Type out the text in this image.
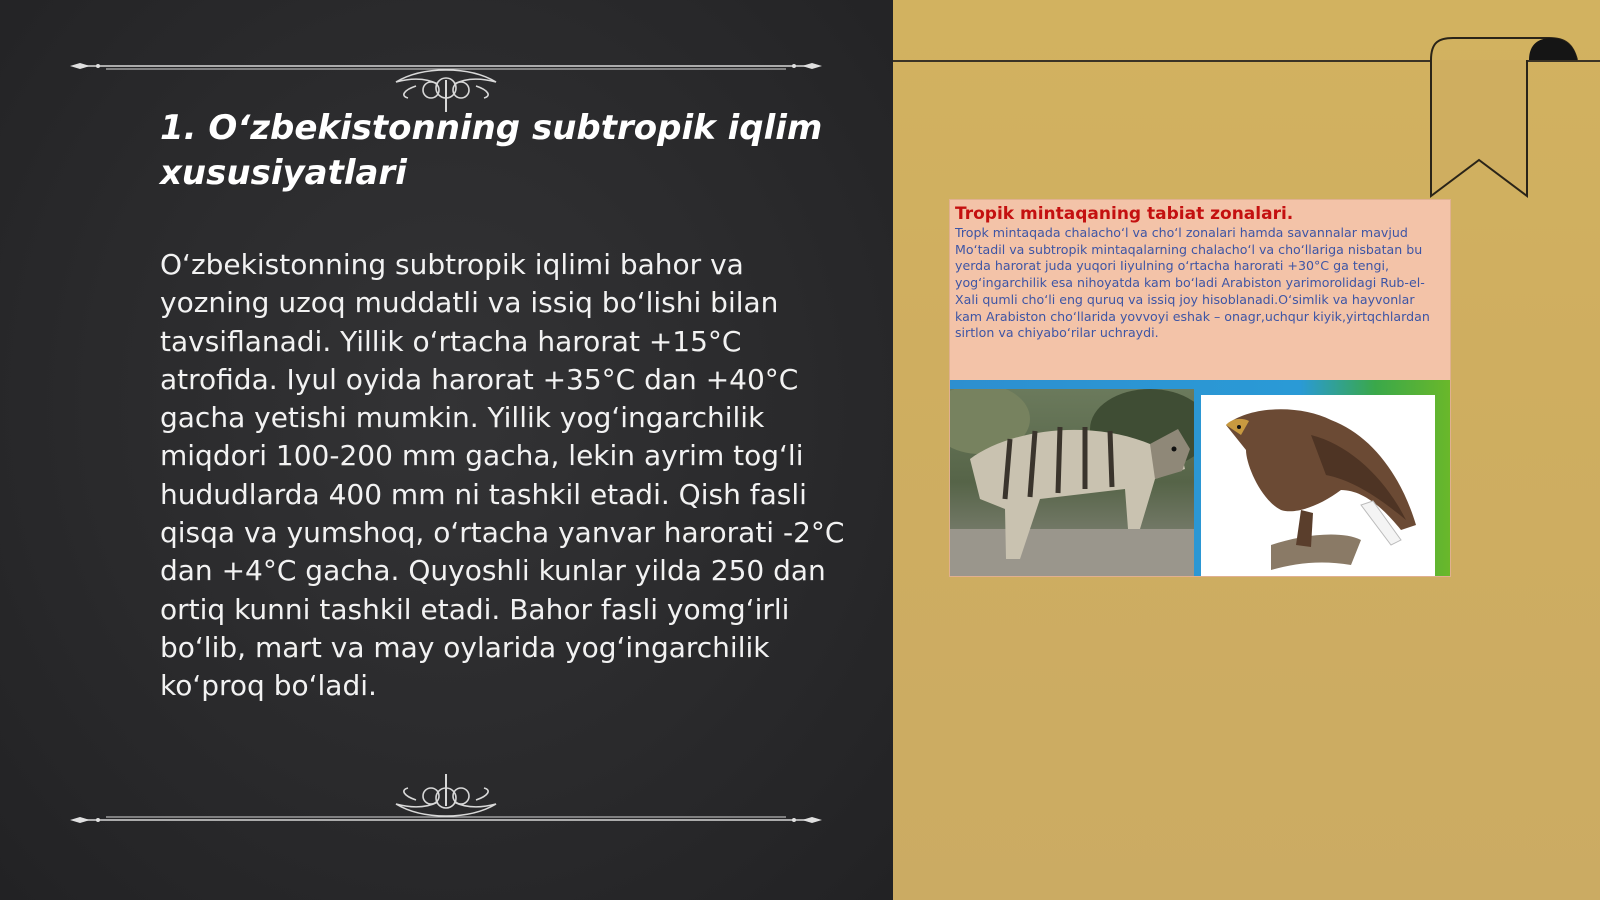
1. O‘zbekistonning subtropik iqlim xususiyatlari
O‘zbekistonning subtropik iqlimi bahor va yozning uzoq muddatli va issiq bo‘lishi bilan tavsiflanadi. Yillik o‘rtacha harorat +15°C atrofida. Iyul oyida harorat +35°C dan +40°C gacha yetishi mumkin. Yillik yog‘ingarchilik miqdori 100-200 mm gacha, lekin ayrim tog‘li hududlarda 400 mm ni tashkil etadi. Qish fasli qisqa va yumshoq, o‘rtacha yanvar harorati -2°C dan +4°C gacha. Quyoshli kunlar yilda 250 dan ortiq kunni tashkil etadi. Bahor fasli yomg‘irli bo‘lib, mart va may oylarida yog‘ingarchilik ko‘proq bo‘ladi.
Tropik mintaqaning tabiat zonalari.
Tropk mintaqada chalacho‘l va cho‘l zonalari hamda savannalar mavjud Mo‘tadil va subtropik mintaqalarning chalacho‘l va cho‘llariga nisbatan bu yerda harorat juda yuqori Iiyulning o‘rtacha harorati +30°C ga tengi, yog‘ingarchilik esa nihoyatda kam bo‘ladi Arabiston yarimorolidagi Rub-el-Xali qumli cho‘li eng quruq va issiq joy hisoblanadi.O‘simlik va hayvonlar kam Arabiston cho‘llarida yovvoyi eshak – onagr,uchqur kiyik,yirtqchlardan sirtlon va chiyabo‘rilar uchraydi.
